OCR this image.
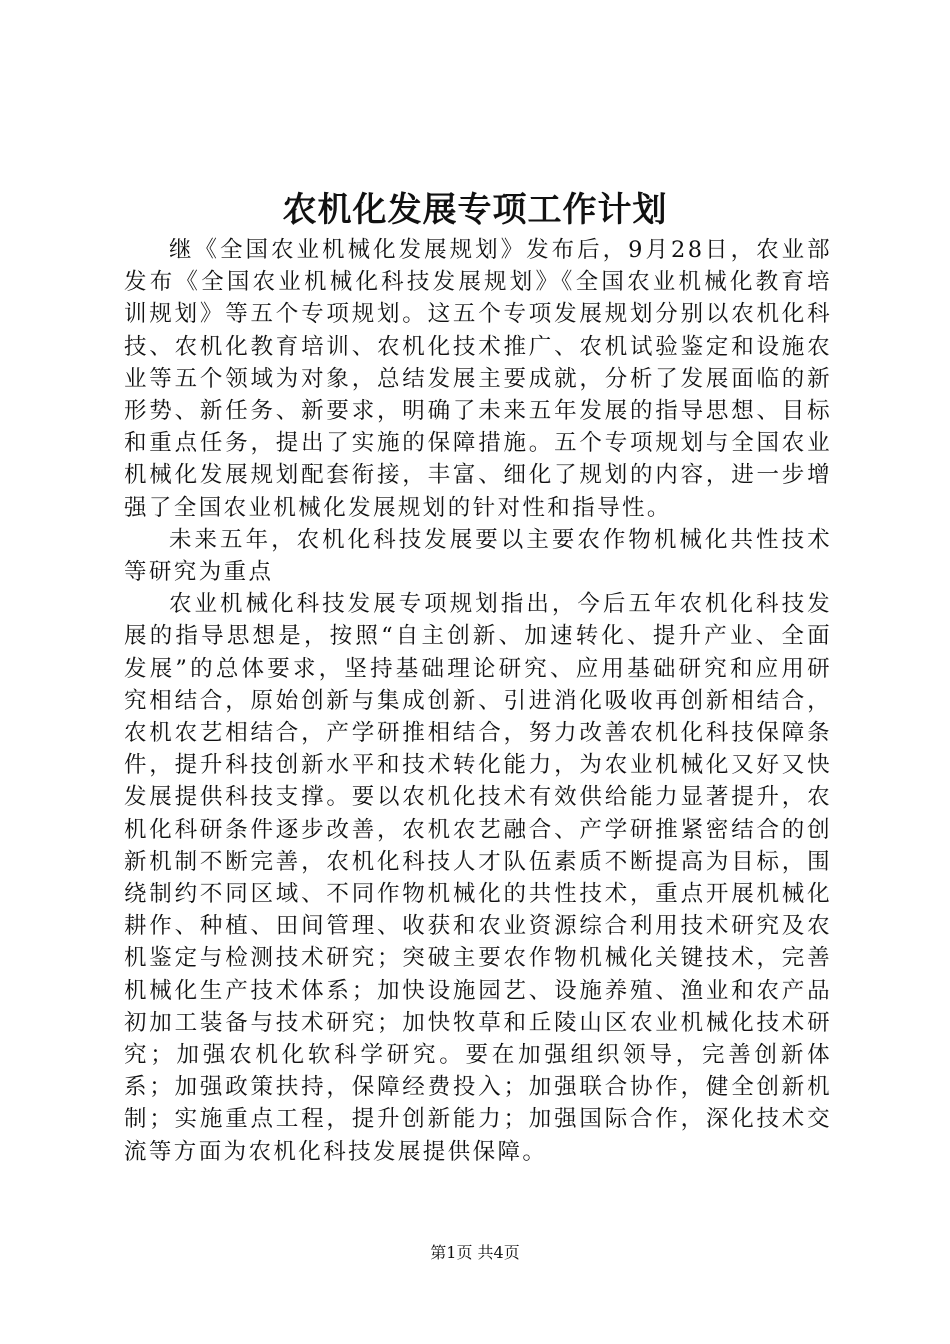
农机化发展专项工作计划

继《全国农业机械化发展规划》发布后，9月28日，农业部发布《全国农业机械化科技发展规划》《全国农业机械化教育培训规划》等五个专项规划。这五个专项发展规划分别以农机化科技、农机化教育培训、农机化技术推广、农机试验鉴定和设施农业等五个领域为对象，总结发展主要成就，分析了发展面临的新形势、新任务、新要求，明确了未来五年发展的指导思想、目标和重点任务，提出了实施的保障措施。五个专项规划与全国农业机械化发展规划配套衔接，丰富、细化了规划的内容，进一步增强了全国农业机械化发展规划的针对性和指导性。

未来五年，农机化科技发展要以主要农作物机械化共性技术等研究为重点

农业机械化科技发展专项规划指出，今后五年农机化科技发展的指导思想是，按照“自主创新、加速转化、提升产业、全面发展”的总体要求，坚持基础理论研究、应用基础研究和应用研究相结合，原始创新与集成创新、引进消化吸收再创新相结合，农机农艺相结合，产学研推相结合，努力改善农机化科技保障条件，提升科技创新水平和技术转化能力，为农业机械化又好又快发展提供科技支撑。要以农机化技术有效供给能力显著提升，农机化科研条件逐步改善，农机农艺融合、产学研推紧密结合的创新机制不断完善，农机化科技人才队伍素质不断提高为目标，围绕制约不同区域、不同作物机械化的共性技术，重点开展机械化耕作、种植、田间管理、收获和农业资源综合利用技术研究及农机鉴定与检测技术研究；突破主要农作物机械化关键技术，完善机械化生产技术体系；加快设施园艺、设施养殖、渔业和农产品初加工装备与技术研究；加快牧草和丘陵山区农业机械化技术研究；加强农机化软科学研究。要在加强组织领导，完善创新体系；加强政策扶持，保障经费投入；加强联合协作，健全创新机制；实施重点工程，提升创新能力；加强国际合作，深化技术交流等方面为农机化科技发展提供保障。

第1页 共4页
